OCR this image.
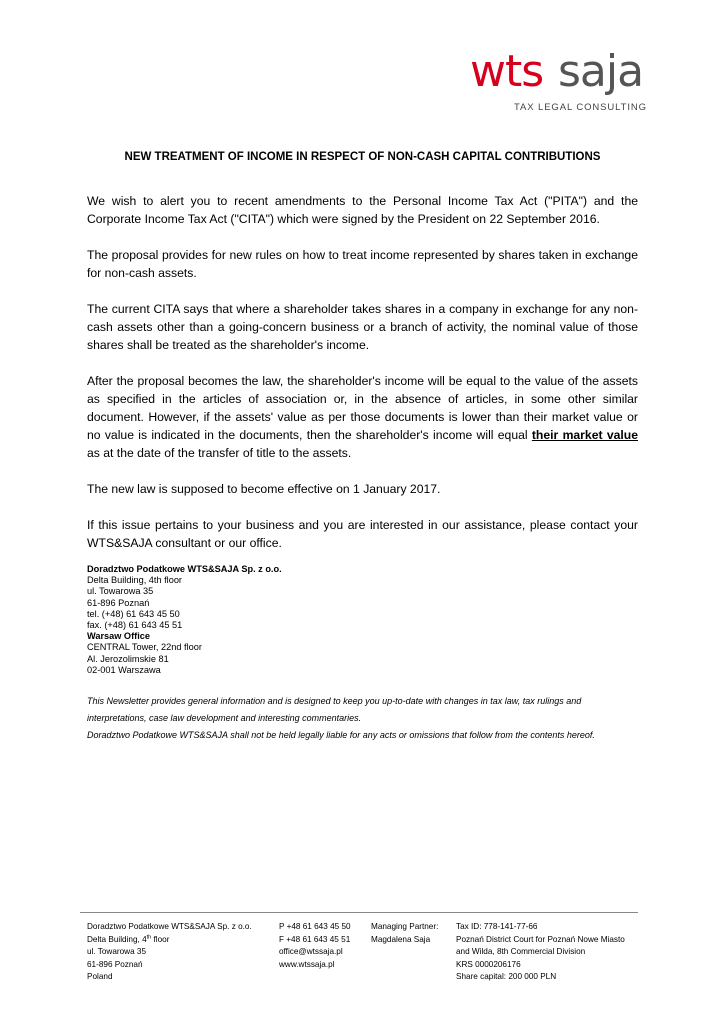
wts saja
TAX LEGAL CONSULTING
NEW TREATMENT OF INCOME IN RESPECT OF NON-CASH CAPITAL CONTRIBUTIONS

We wish to alert you to recent amendments to the Personal Income Tax Act ("PITA") and the Corporate Income Tax Act ("CITA") which were signed by the President on 22 September 2016.

The proposal provides for new rules on how to treat income represented by shares taken in exchange for non-cash assets.

The current CITA says that where a shareholder takes shares in a company in exchange for any non-cash assets other than a going-concern business or a branch of activity, the nominal value of those shares shall be treated as the shareholder's income.

After the proposal becomes the law, the shareholder's income will be equal to the value of the assets as specified in the articles of association or, in the absence of articles, in some other similar document. However, if the assets' value as per those documents is lower than their market value or no value is indicated in the documents, then the shareholder's income will equal their market value as at the date of the transfer of title to the assets.

The new law is supposed to become effective on 1 January 2017.

If this issue pertains to your business and you are interested in our assistance, please contact your WTS&SAJA consultant or our office.

Doradztwo Podatkowe WTS&SAJA Sp. z o.o.
Delta Building, 4th floor
ul. Towarowa 35
61-896 Poznań
tel. (+48) 61 643 45 50
fax. (+48) 61 643 45 51
Warsaw Office
CENTRAL Tower, 22nd floor
Al. Jerozolimskie 81
02-001 Warszawa
This Newsletter provides general information and is designed to keep you up-to-date with changes in tax law, tax rulings and
interpretations, case law development and interesting commentaries.
Doradztwo Podatkowe WTS&SAJA shall not be held legally liable for any acts or omissions that follow from the contents hereof.
Doradztwo Podatkowe WTS&SAJA Sp. z o.o.
Delta Building, 4th floor
ul. Towarowa 35
61-896 Poznań
Poland
P +48 61 643 45 50
F +48 61 643 45 51
office@wtssaja.pl
www.wtssaja.pl
Managing Partner:
Magdalena Saja
Tax ID: 778-141-77-66
Poznań District Court for Poznań Nowe Miasto
and Wilda, 8th Commercial Division
KRS 0000206176
Share capital: 200 000 PLN
